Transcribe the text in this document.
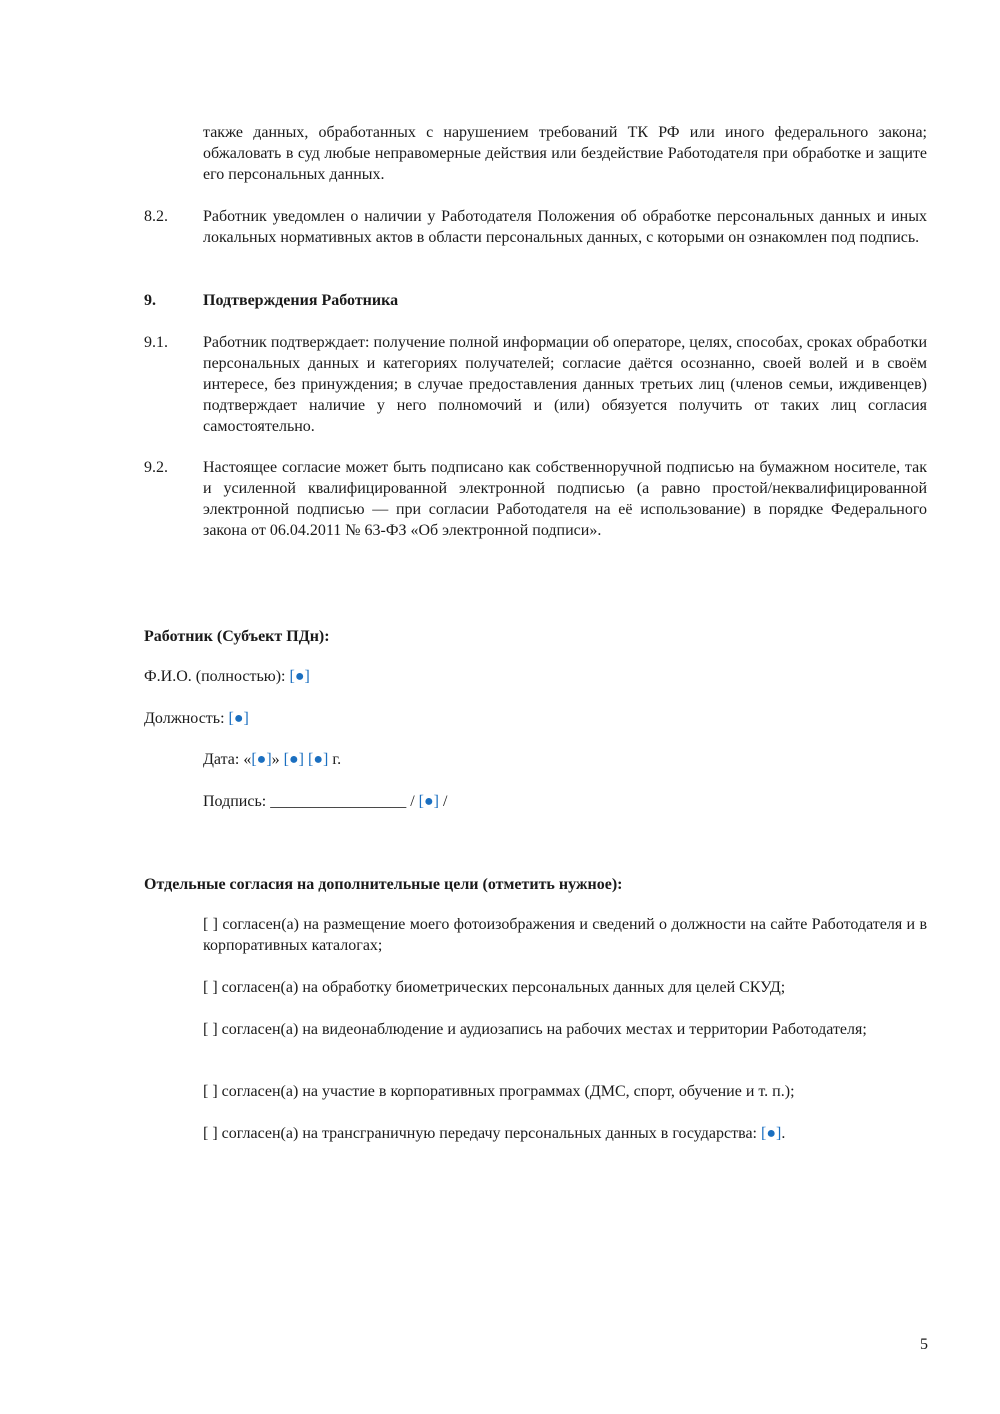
также данных, обработанных с нарушением требований ТК РФ или иного федерального закона; обжаловать в суд любые неправомерные действия или бездействие Работодателя при обработке и защите его персональных данных.
8.2. Работник уведомлен о наличии у Работодателя Положения об обработке персональных данных и иных локальных нормативных актов в области персональных данных, с которыми он ознакомлен под подпись.
9.	Подтверждения Работника
9.1. Работник подтверждает: получение полной информации об операторе, целях, способах, сроках обработки персональных данных и категориях получателей; согласие даётся осознанно, своей волей и в своём интересе, без принуждения; в случае предоставления данных третьих лиц (членов семьи, иждивенцев) подтверждает наличие у него полномочий и (или) обязуется получить от таких лиц согласия самостоятельно.
9.2. Настоящее согласие может быть подписано как собственноручной подписью на бумажном носителе, так и усиленной квалифицированной электронной подписью (а равно простой/неквалифицированной электронной подписью — при согласии Работодателя на её использование) в порядке Федерального закона от 06.04.2011 № 63-ФЗ «Об электронной подписи».
Работник (Субъект ПДн):
Ф.И.О. (полностью): [●]
Должность: [●]
Дата: «[●]» [●] [●] г.
Подпись: _________________ / [●] /
Отдельные согласия на дополнительные цели (отметить нужное):
[ ] согласен(а) на размещение моего фотоизображения и сведений о должности на сайте Работодателя и в корпоративных каталогах;
[ ] согласен(а) на обработку биометрических персональных данных для целей СКУД;
[ ] согласен(а) на видеонаблюдение и аудиозапись на рабочих местах и территории Работодателя;
[ ] согласен(а) на участие в корпоративных программах (ДМС, спорт, обучение и т. п.);
[ ] согласен(а) на трансграничную передачу персональных данных в государства: [●].
5
